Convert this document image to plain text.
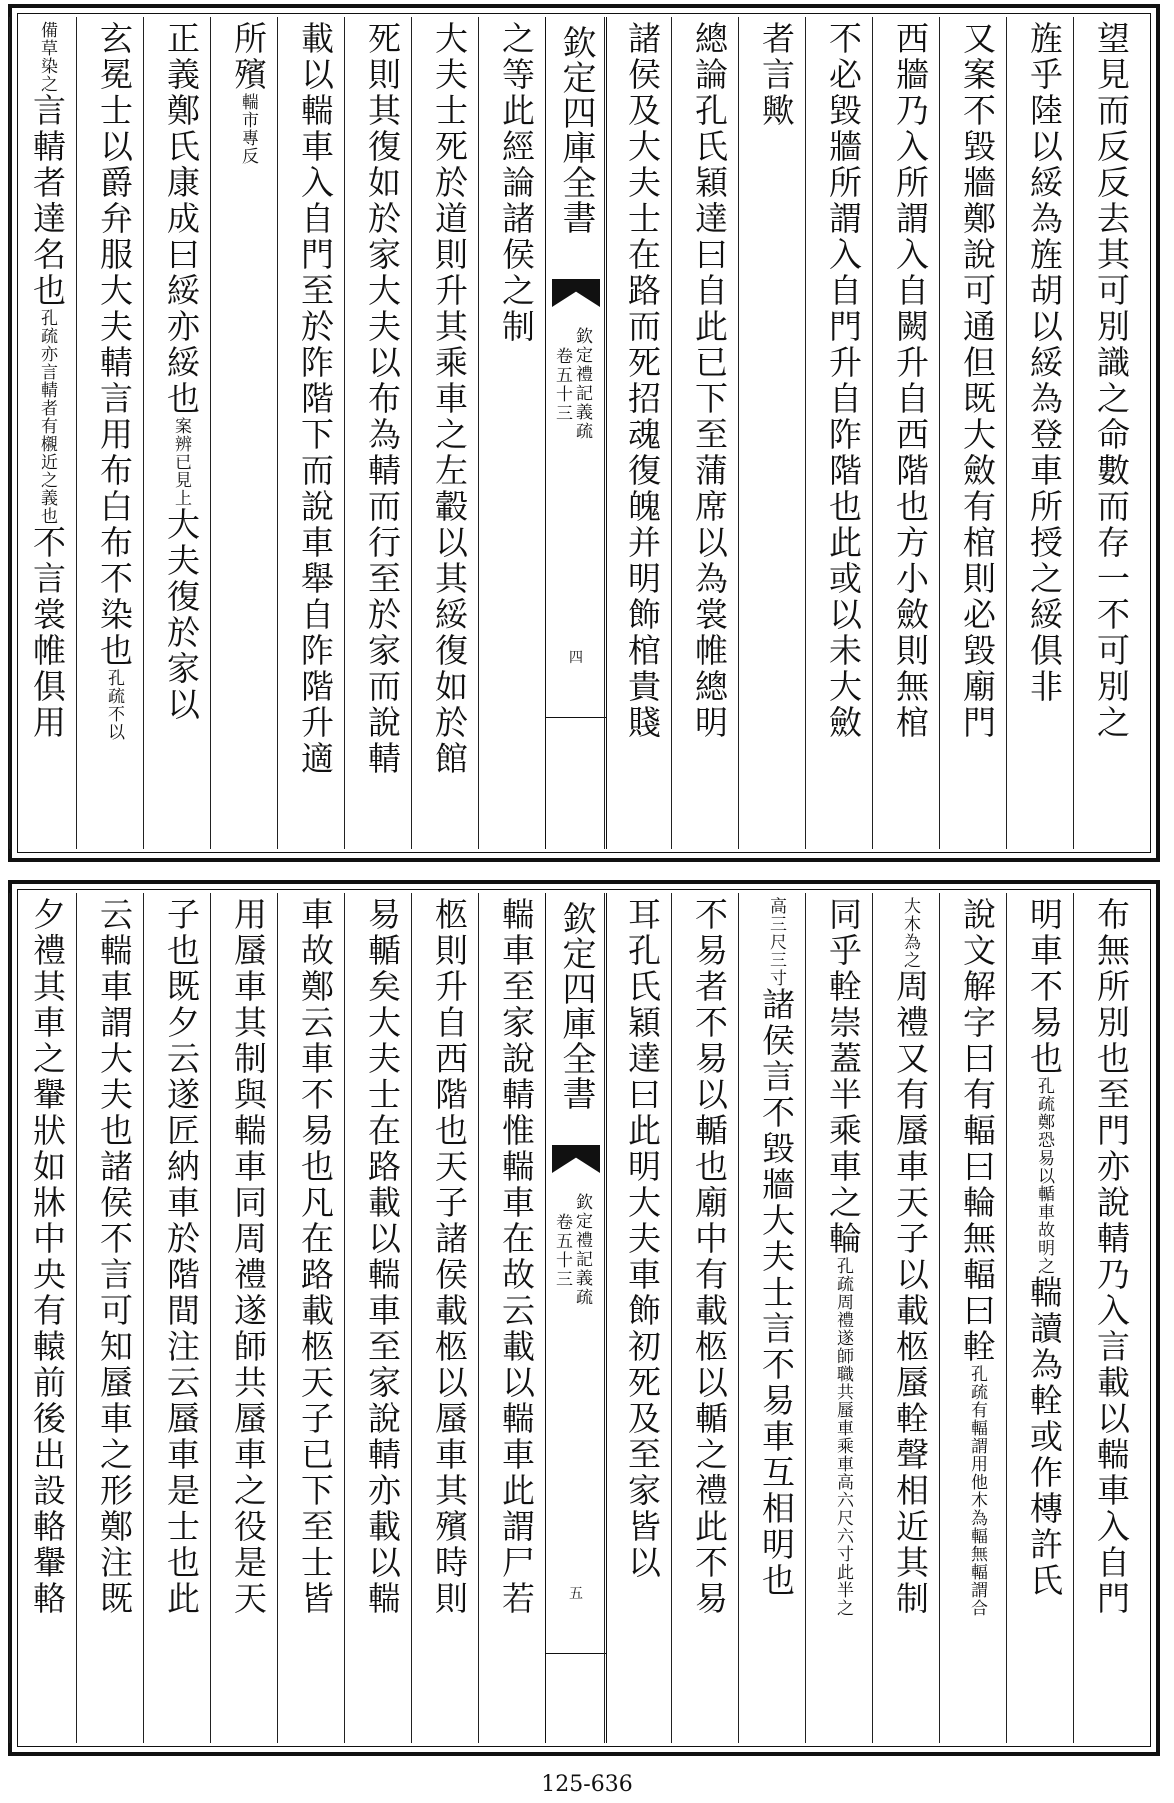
欽定四庫全書
欽定禮記義疏
卷五十三
四	望見而反反去其可別識之命數而存一不可別之
旌乎陸以綏為旌胡以綏為登車所授之綏俱非
又案不毀牆鄭說可通但既大斂有棺則必毀廟門
西牆乃入所謂入自闕升自西階也方小斂則無棺
不必毀牆所謂入自門升自阼階也此或以未大斂
者言歟
總論孔氏穎達曰自此已下至蒲席以為裳帷總明
諸侯及大夫士在路而死招魂復魄并明飾棺貴賤
之等此經論諸侯之制
大夫士死於道則升其乘車之左轂以其綏復如於館
死則其復如於家大夫以布為輤而行至於家而說輤
載以輲車入自門至於阼階下而說車舉自阼階升適
所殯輲市專反
正義鄭氏康成曰綏亦綏也案辨已見上大夫復於家以
玄冕士以爵弁服大夫輤言用布白布不染也孔疏不以
備草染之言輤者達名也孔疏亦言輤者有櫬近之義也不言裳帷俱用
欽定四庫全書
欽定禮記義疏
卷五十三
五	布無所別也至門亦說輤乃入言載以輲車入自門
明車不易也孔疏鄭恐易以輴車故明之輲讀為輇或作槫許氏
說文解字曰有輻曰輪無輻曰輇孔疏有輻謂用他木為輻無輻謂合
大木為之周禮又有蜃車天子以載柩蜃輇聲相近其制
同乎輇崇蓋半乘車之輪孔疏周禮遂師職共蜃車乘車高六尺六寸此半之
高三尺三寸諸侯言不毀牆大夫士言不易車互相明也
不易者不易以輴也廟中有載柩以輴之禮此不易
耳孔氏穎達曰此明大夫車飾初死及至家皆以
輲車至家說輤惟輲車在故云載以輲車此謂尸若
柩則升自西階也天子諸侯載柩以蜃車其殯時則
易輴矣大夫士在路載以輲車至家說輤亦載以輲
車故鄭云車不易也凡在路載柩天子已下至士皆
用蜃車其制與輲車同周禮遂師共蜃車之役是天
子也既夕云遂匠納車於階間注云蜃車是士也此
云輲車謂大夫也諸侯不言可知蜃車之形鄭注既
夕禮其車之轝狀如牀中央有轅前後出設輅轝輅
125-636
